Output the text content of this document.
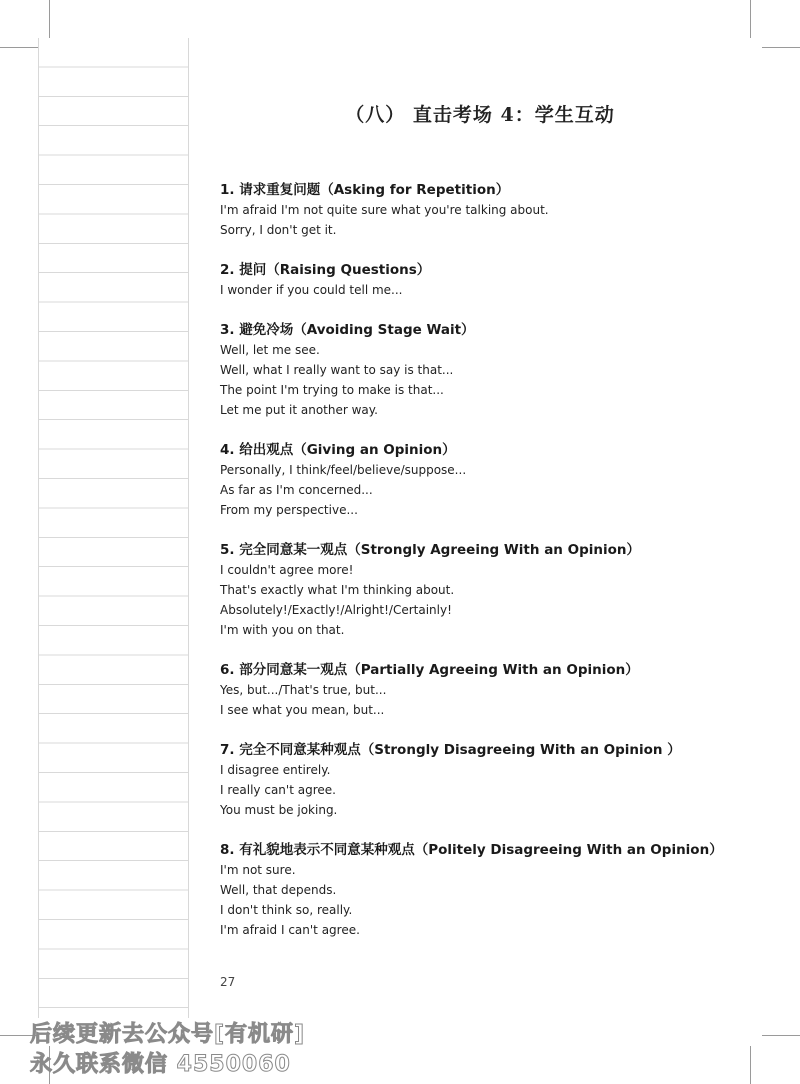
（八） 直击考场 4：学生互动
1. 请求重复问题（Asking for Repetition）
I'm afraid I'm not quite sure what you're talking about.
Sorry, I don't get it.
2. 提问（Raising Questions）
I wonder if you could tell me...
3. 避免冷场（Avoiding Stage Wait）
Well, let me see.
Well, what I really want to say is that...
The point I'm trying to make is that...
Let me put it another way.
4. 给出观点（Giving an Opinion）
Personally, I think/feel/believe/suppose...
As far as I'm concerned...
From my perspective...
5. 完全同意某一观点（Strongly Agreeing With an Opinion）
I couldn't agree more!
That's exactly what I'm thinking about.
Absolutely!/Exactly!/Alright!/Certainly!
I'm with you on that.
6. 部分同意某一观点（Partially Agreeing With an Opinion）
Yes, but.../That's true, but...
I see what you mean, but...
7. 完全不同意某种观点（Strongly Disagreeing With an Opinion ）
I disagree entirely.
I really can't agree.
You must be joking.
8. 有礼貌地表示不同意某种观点（Politely Disagreeing With an Opinion）
I'm not sure.
Well, that depends.
I don't think so, really.
I'm afraid I can't agree.
27
后续更新去公众号[有机研]
永久联系微信 4550060
